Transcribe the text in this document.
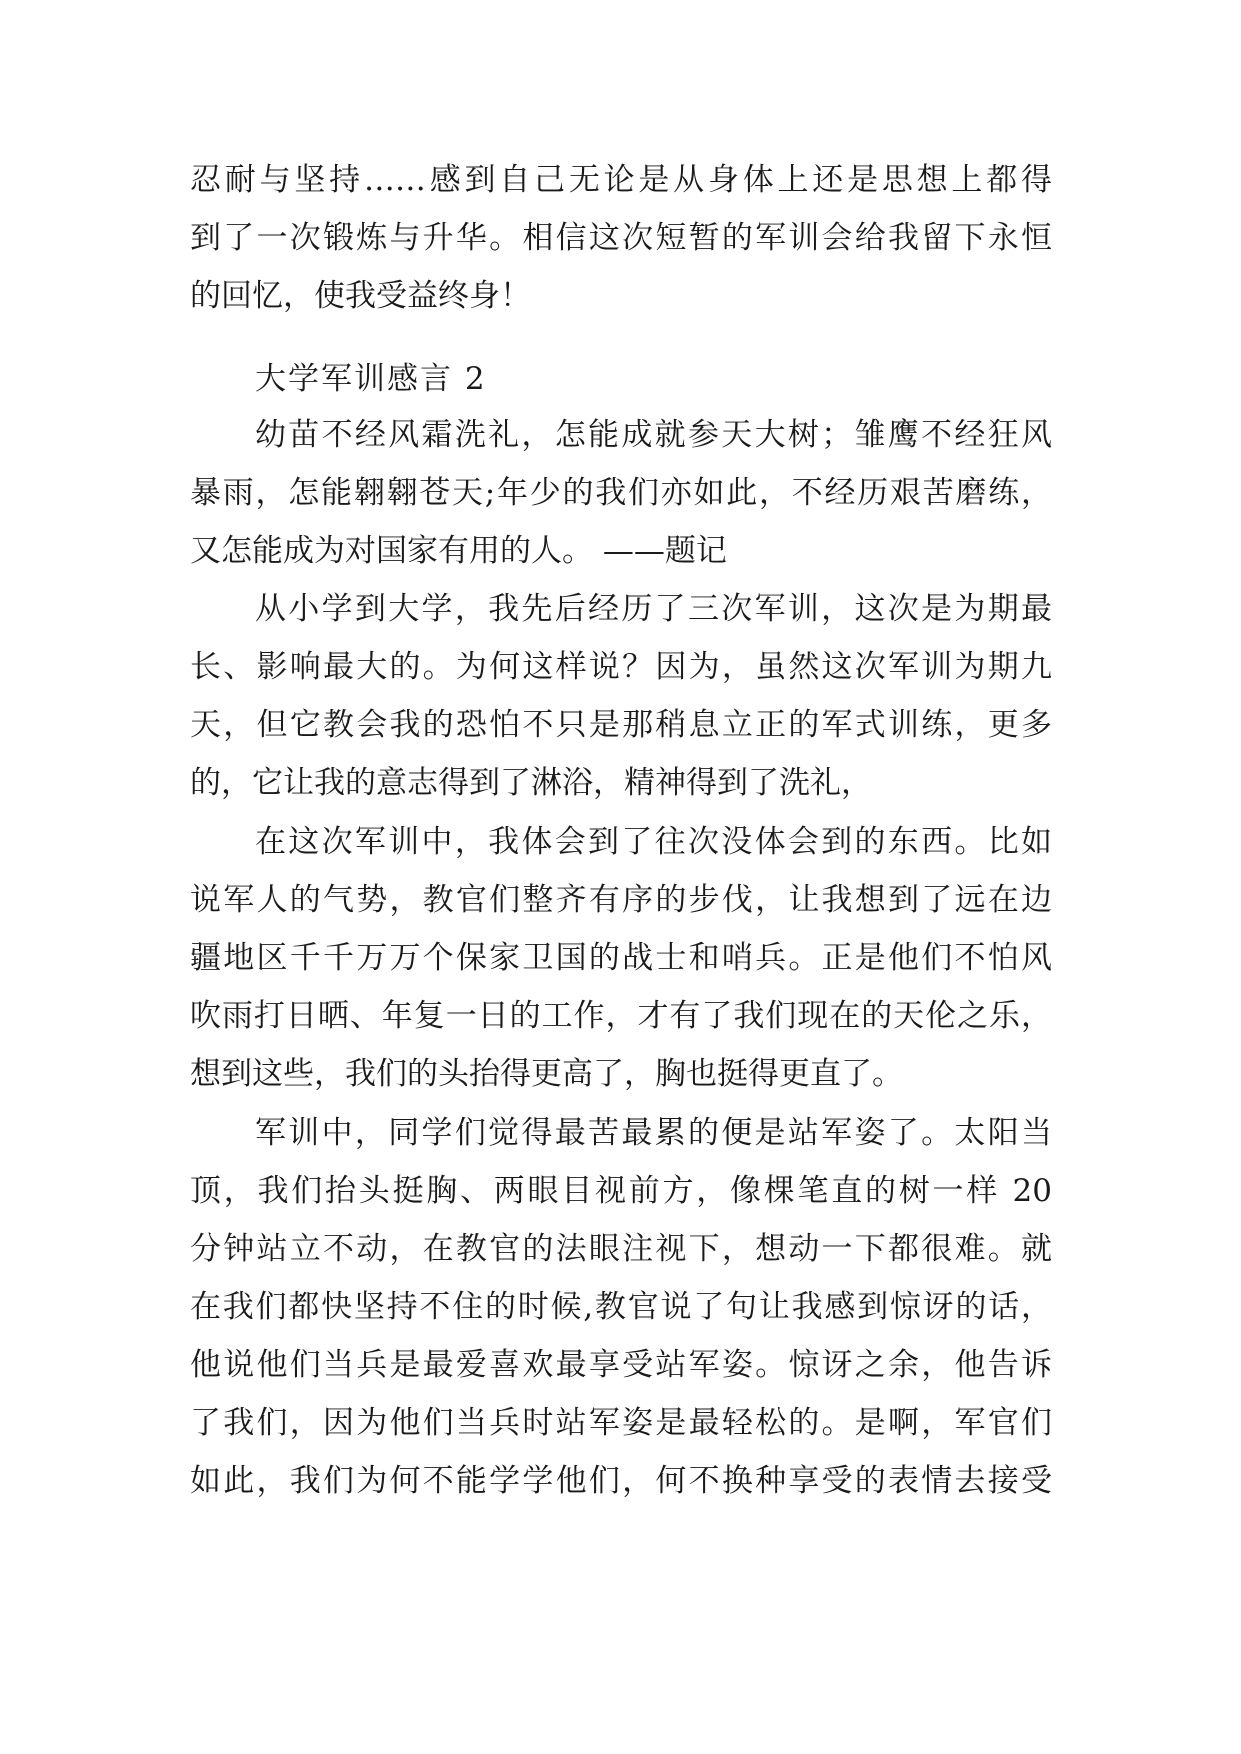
忍耐与坚持……感到自己无论是从身体上还是思想上都得
到了一次锻炼与升华。相信这次短暂的军训会给我留下永恒
的回忆，使我受益终身！
大学军训感言 2
幼苗不经风霜洗礼，怎能成就参天大树；雏鹰不经狂风
暴雨，怎能翱翱苍天;年少的我们亦如此，不经历艰苦磨练，
又怎能成为对国家有用的人。 ——题记
从小学到大学，我先后经历了三次军训，这次是为期最
长、影响最大的。为何这样说？因为，虽然这次军训为期九
天，但它教会我的恐怕不只是那稍息立正的军式训练，更多
的，它让我的意志得到了淋浴，精神得到了洗礼，
在这次军训中，我体会到了往次没体会到的东西。比如
说军人的气势，教官们整齐有序的步伐，让我想到了远在边
疆地区千千万万个保家卫国的战士和哨兵。正是他们不怕风
吹雨打日晒、年复一日的工作，才有了我们现在的天伦之乐，
想到这些，我们的头抬得更高了，胸也挺得更直了。
军训中，同学们觉得最苦最累的便是站军姿了。太阳当
顶，我们抬头挺胸、两眼目视前方，像棵笔直的树一样 20
分钟站立不动，在教官的法眼注视下，想动一下都很难。就
在我们都快坚持不住的时候,教官说了句让我感到惊讶的话，
他说他们当兵是最爱喜欢最享受站军姿。惊讶之余，他告诉
了我们，因为他们当兵时站军姿是最轻松的。是啊，军官们
如此，我们为何不能学学他们，何不换种享受的表情去接受
